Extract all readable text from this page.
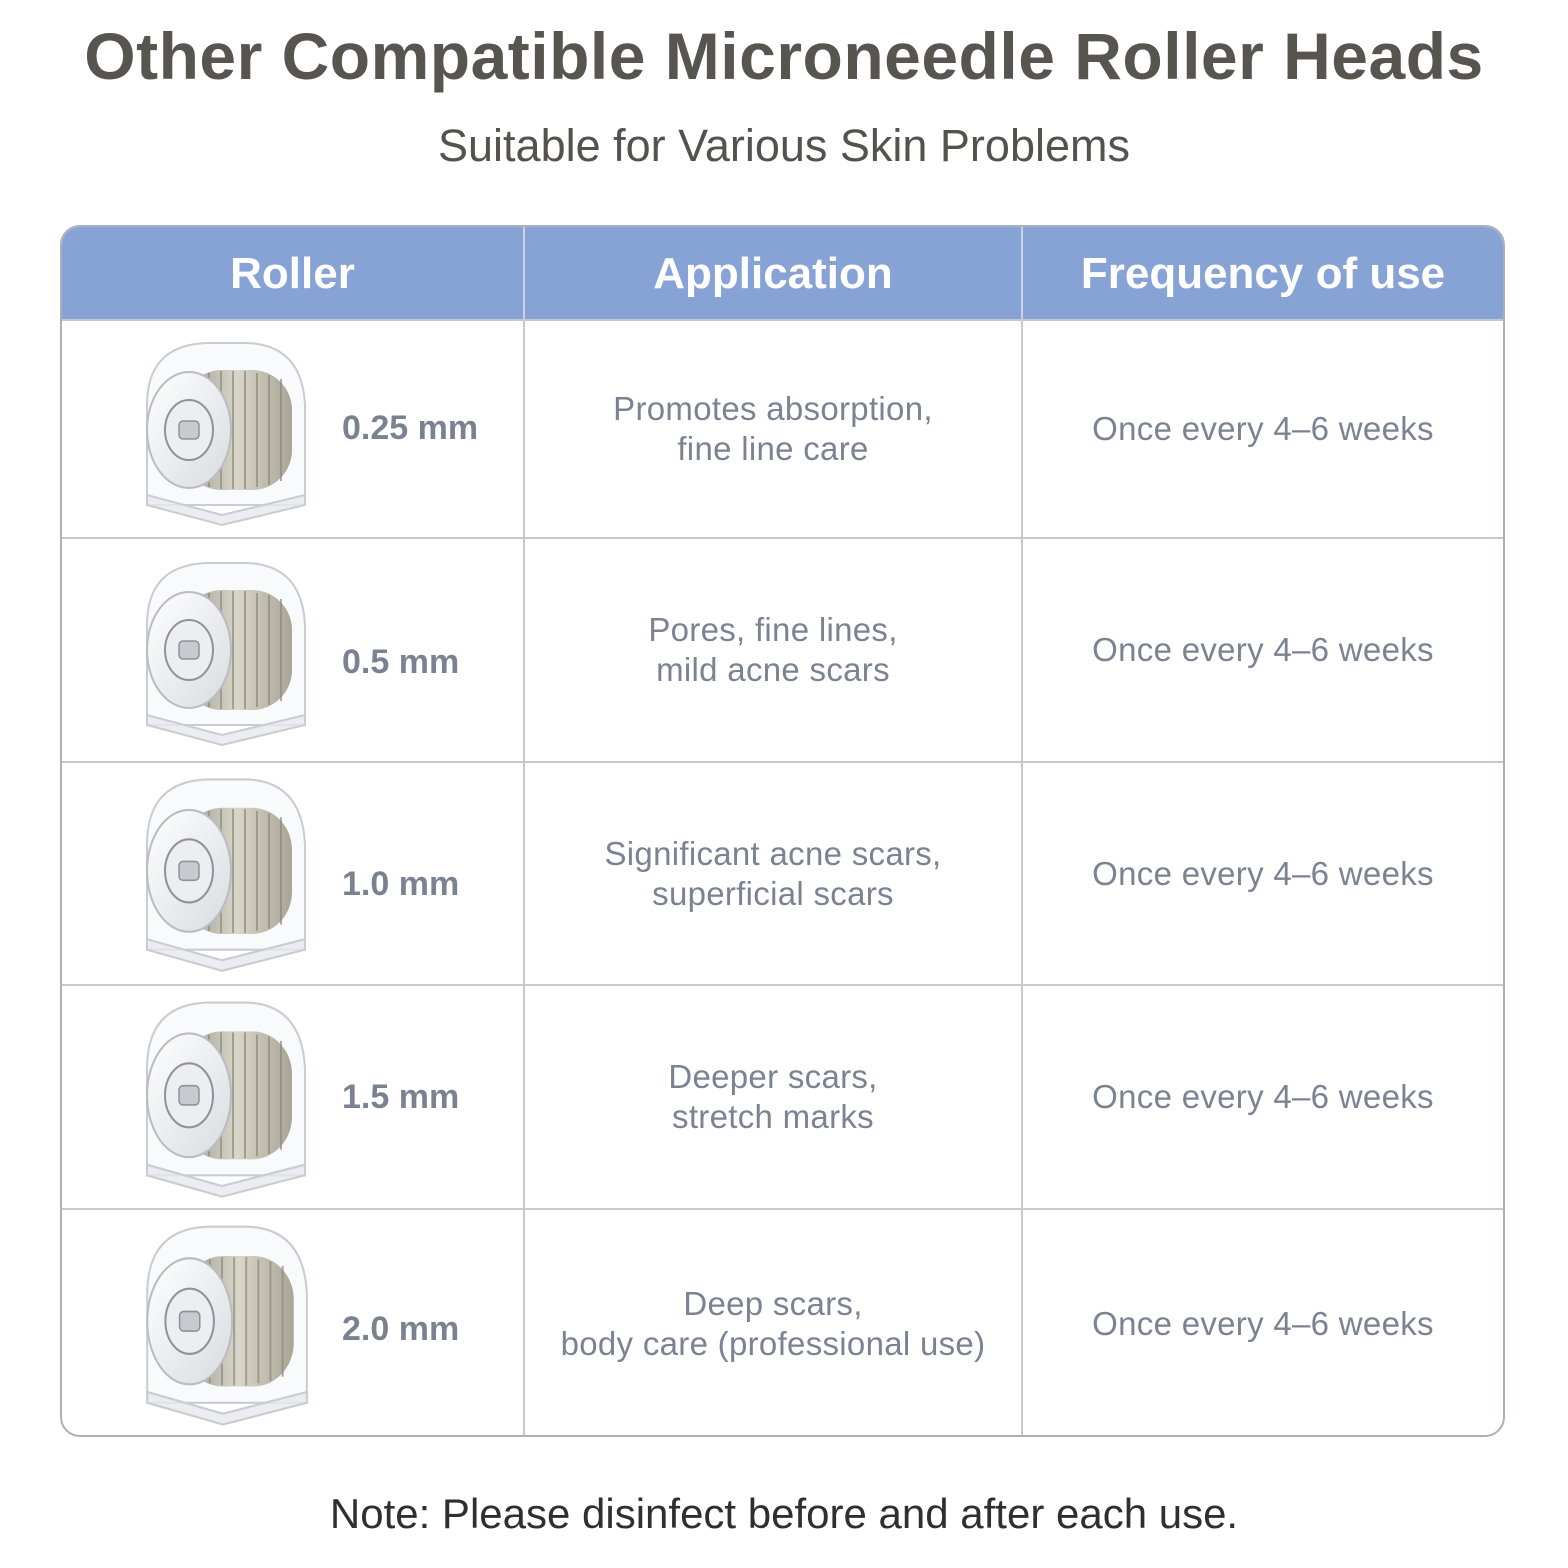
Other Compatible Microneedle Roller Heads
Suitable for Various Skin Problems
Roller	Application	Frequency of use
0.25 mm
Promotes absorption,
fine line care
Once every 4–6 weeks
0.5 mm
Pores, fine lines,
mild acne scars
Once every 4–6 weeks
1.0 mm
Significant acne scars,
superficial scars
Once every 4–6 weeks
1.5 mm
Deeper scars,
stretch marks
Once every 4–6 weeks
2.0 mm
Deep scars,
body care (professional use)
Once every 4–6 weeks
Note: Please disinfect before and after each use.
